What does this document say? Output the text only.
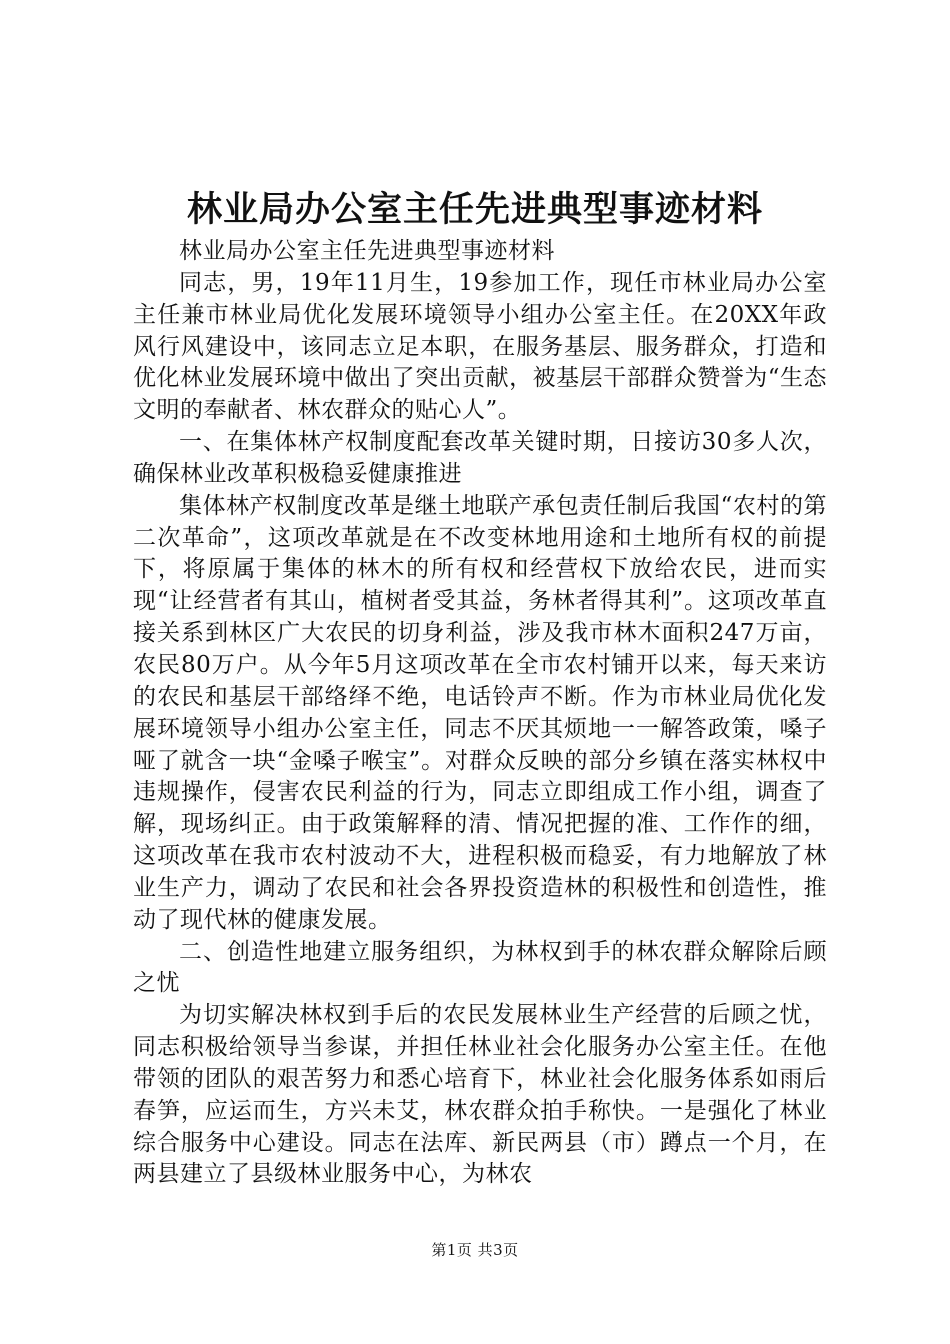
林业局办公室主任先进典型事迹材料

林业局办公室主任先进典型事迹材料

同志，男，19年11月生，19参加工作，现任市林业局办公室主任兼市林业局优化发展环境领导小组办公室主任。在20XX年政风行风建设中，该同志立足本职，在服务基层、服务群众，打造和优化林业发展环境中做出了突出贡献，被基层干部群众赞誉为“生态文明的奉献者、林农群众的贴心人”。

一、在集体林产权制度配套改革关键时期，日接访30多人次，确保林业改革积极稳妥健康推进

集体林产权制度改革是继土地联产承包责任制后我国“农村的第二次革命”，这项改革就是在不改变林地用途和土地所有权的前提下，将原属于集体的林木的所有权和经营权下放给农民，进而实现“让经营者有其山，植树者受其益，务林者得其利”。这项改革直接关系到林区广大农民的切身利益，涉及我市林木面积247万亩，农民80万户。从今年5月这项改革在全市农村铺开以来，每天来访的农民和基层干部络绎不绝，电话铃声不断。作为市林业局优化发展环境领导小组办公室主任，同志不厌其烦地一一解答政策，嗓子哑了就含一块“金嗓子喉宝”。对群众反映的部分乡镇在落实林权中违规操作，侵害农民利益的行为，同志立即组成工作小组，调查了解，现场纠正。由于政策解释的清、情况把握的准、工作作的细，这项改革在我市农村波动不大，进程积极而稳妥，有力地解放了林业生产力，调动了农民和社会各界投资造林的积极性和创造性，推动了现代林的健康发展。

二、创造性地建立服务组织，为林权到手的林农群众解除后顾之忧

为切实解决林权到手后的农民发展林业生产经营的后顾之忧，同志积极给领导当参谋，并担任林业社会化服务办公室主任。在他带领的团队的艰苦努力和悉心培育下，林业社会化服务体系如雨后春笋，应运而生，方兴未艾，林农群众拍手称快。一是强化了林业综合服务中心建设。同志在法库、新民两县（市）蹲点一个月，在两县建立了县级林业服务中心，为林农

第1页 共3页
